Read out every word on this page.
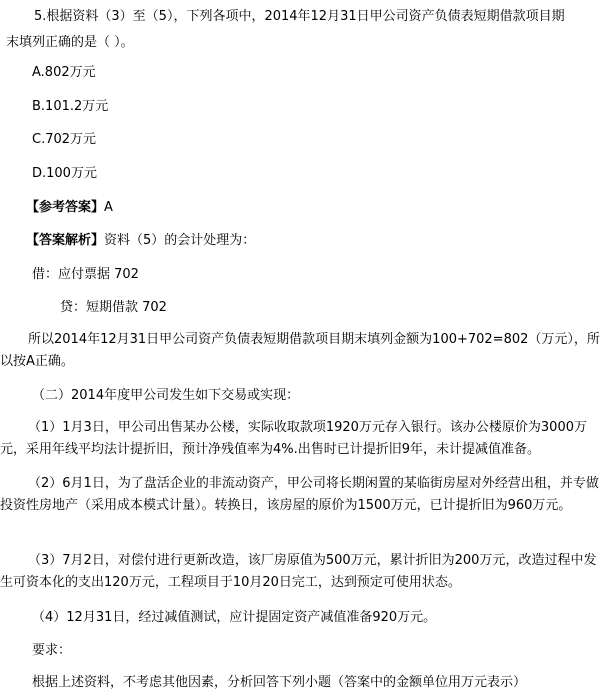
5.根据资料（3）至（5），下列各项中，2014年12月31日甲公司资产负债表短期借款项目期
末填列正确的是（ ）。
A.802万元
B.101.2万元
C.702万元
D.100万元
【参考答案】A
【答案解析】资料（5）的会计处理为：
借：应付票据 702
贷：短期借款 702
所以2014年12月31日甲公司资产负债表短期借款项目期末填列金额为100+702=802（万元），所以按A正确。
（二）2014年度甲公司发生如下交易或实现：
（1）1月3日，甲公司出售某办公楼，实际收取款项1920万元存入银行。该办公楼原价为3000万元，采用年线平均法计提折旧，预计净残值率为4%.出售时已计提折旧9年，未计提减值准备。
（2）6月1日，为了盘活企业的非流动资产，甲公司将长期闲置的某临街房屋对外经营出租，并专做投资性房地产（采用成本模式计量）。转换日，该房屋的原价为1500万元，已计提折旧为960万元。
（3）7月2日，对偿付进行更新改造，该厂房原值为500万元，累计折旧为200万元，改造过程中发生可资本化的支出120万元，工程项目于10月20日完工，达到预定可使用状态。
（4）12月31日，经过减值测试，应计提固定资产减值准备920万元。
要求：
根据上述资料，不考虑其他因素，分析回答下列小题（答案中的金额单位用万元表示）
